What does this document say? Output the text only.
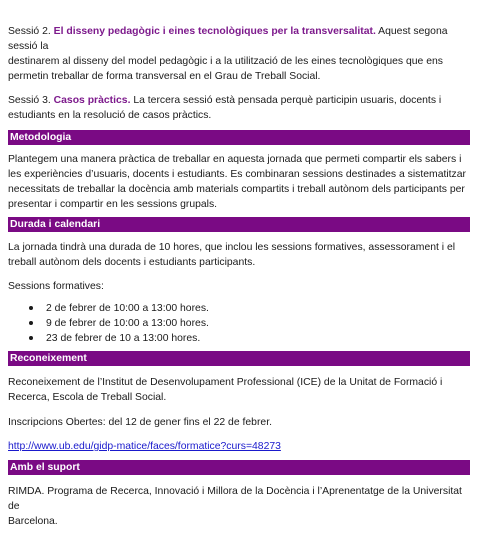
Sessió 2. El disseny pedagògic i eines tecnològiques per la transversalitat. Aquest segona sessió la
destinarem al disseny del model pedagògic i a la utilització de les eines tecnològiques que ens
permetin treballar de forma transversal en el Grau de Treball Social.

Sessió 3. Casos pràctics. La tercera sessió està pensada perquè participin usuaris, docents i
estudiants en la resolució de casos pràctics.

Metodologia

Plantegem una manera pràctica de treballar en aquesta jornada que permeti compartir els sabers i
les experiències d’usuaris, docents i estudiants. Es combinaran sessions destinades a sistematitzar
necessitats de treballar la docència amb materials compartits i treball autònom dels participants per
presentar i compartir en les sessions grupals.

Durada i calendari

La jornada tindrà una durada de 10 hores, que inclou les sessions formatives, assessorament i el
treball autònom dels docents i estudiants participants.

Sessions formatives:

2 de febrer de 10:00 a 13:00 hores.
9 de febrer de 10:00 a 13:00 hores.
23 de febrer de 10 a 13:00 hores.
Reconeixement

Reconeixement de l’Institut de Desenvolupament Professional (ICE) de la Unitat de Formació i
Recerca, Escola de Treball Social.

Inscripcions Obertes: del 12 de gener fins el 22 de febrer.

http://www.ub.edu/gidp-matice/faces/formatice?curs=48273

Amb el suport

RIMDA. Programa de Recerca, Innovació i Millora de la Docència i l’Aprenentatge de la Universitat de
Barcelona.
